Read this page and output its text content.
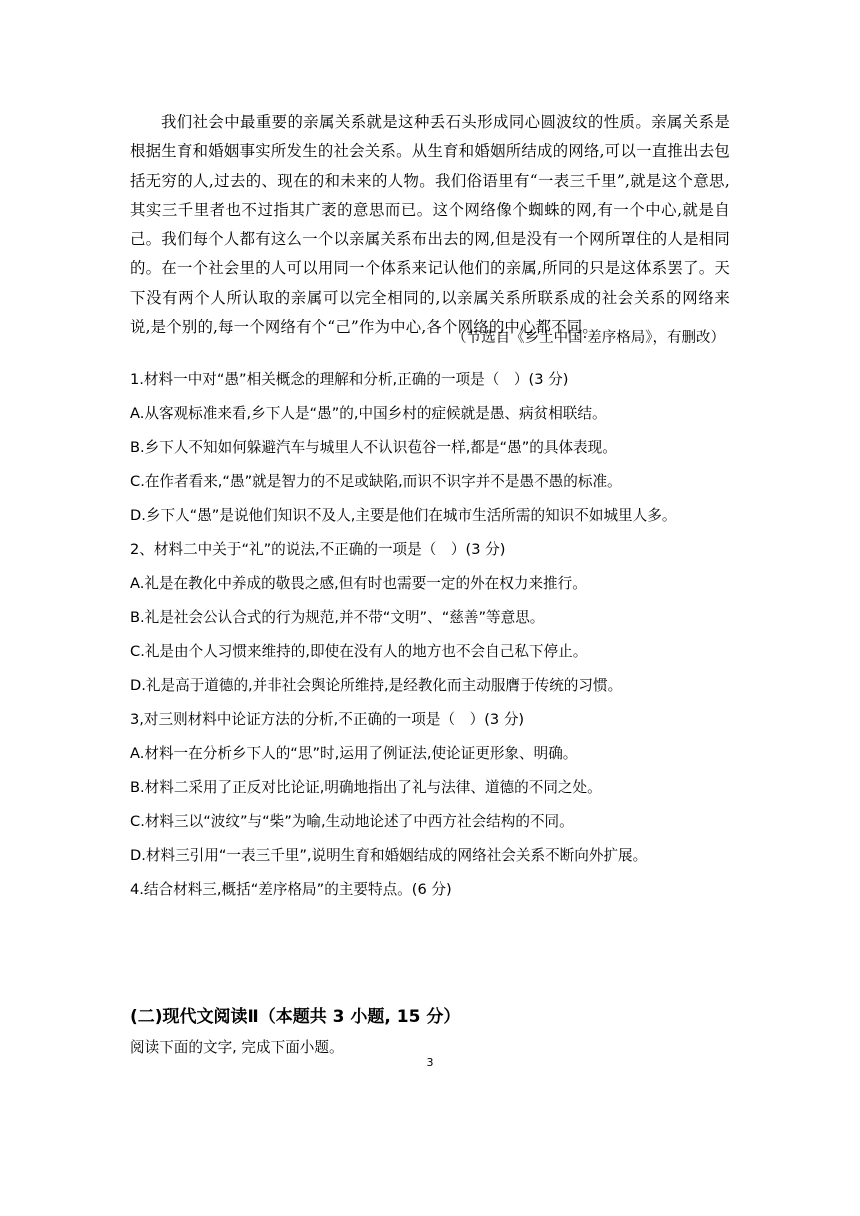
我们社会中最重要的亲属关系就是这种丢石头形成同心圆波纹的性质。亲属关系是根据生育和婚姻事实所发生的社会关系。从生育和婚姻所结成的网络,可以一直推出去包括无穷的人,过去的、现在的和未来的人物。我们俗语里有“一表三千里”,就是这个意思,其实三千里者也不过指其广袤的意思而已。这个网络像个蜘蛛的网,有一个中心,就是自己。我们每个人都有这么一个以亲属关系布出去的网,但是没有一个网所罩住的人是相同的。在一个社会里的人可以用同一个体系来记认他们的亲属,所同的只是这体系罢了。天下没有两个人所认取的亲属可以完全相同的,以亲属关系所联系成的社会关系的网络来说,是个别的,每一个网络有个“己”作为中心,各个网络的中心都不同。

（节选自《乡土中国·差序格局》，有删改）

1.材料一中对“愚”相关概念的理解和分析,正确的一项是（　）(3 分)

A.从客观标准来看,乡下人是“愚”的,中国乡村的症候就是愚、病贫相联结。

B.乡下人不知如何躲避汽车与城里人不认识苞谷一样,都是“愚”的具体表现。

C.在作者看来,“愚”就是智力的不足或缺陷,而识不识字并不是愚不愚的标准。

D.乡下人“愚”是说他们知识不及人,主要是他们在城市生活所需的知识不如城里人多。

2、材料二中关于“礼”的说法,不正确的一项是（　）(3 分)

A.礼是在教化中养成的敬畏之感,但有时也需要一定的外在权力来推行。

B.礼是社会公认合式的行为规范,并不带“文明”、“慈善”等意思。

C.礼是由个人习惯来维持的,即使在没有人的地方也不会自己私下停止。

D.礼是高于道德的,并非社会舆论所维持,是经教化而主动服膺于传统的习惯。

3,对三则材料中论证方法的分析,不正确的一项是（　）(3 分)

A.材料一在分析乡下人的“思”时,运用了例证法,使论证更形象、明确。

B.材料二采用了正反对比论证,明确地指出了礼与法律、道德的不同之处。

C.材料三以“波纹”与“柴”为喻,生动地论述了中西方社会结构的不同。

D.材料三引用“一表三千里”,说明生育和婚姻结成的网络社会关系不断向外扩展。

4.结合材料三,概括“差序格局”的主要特点。(6 分)

(二)现代文阅读Ⅱ（本题共 3 小题, 15 分）

阅读下面的文字, 完成下面小题。

3
